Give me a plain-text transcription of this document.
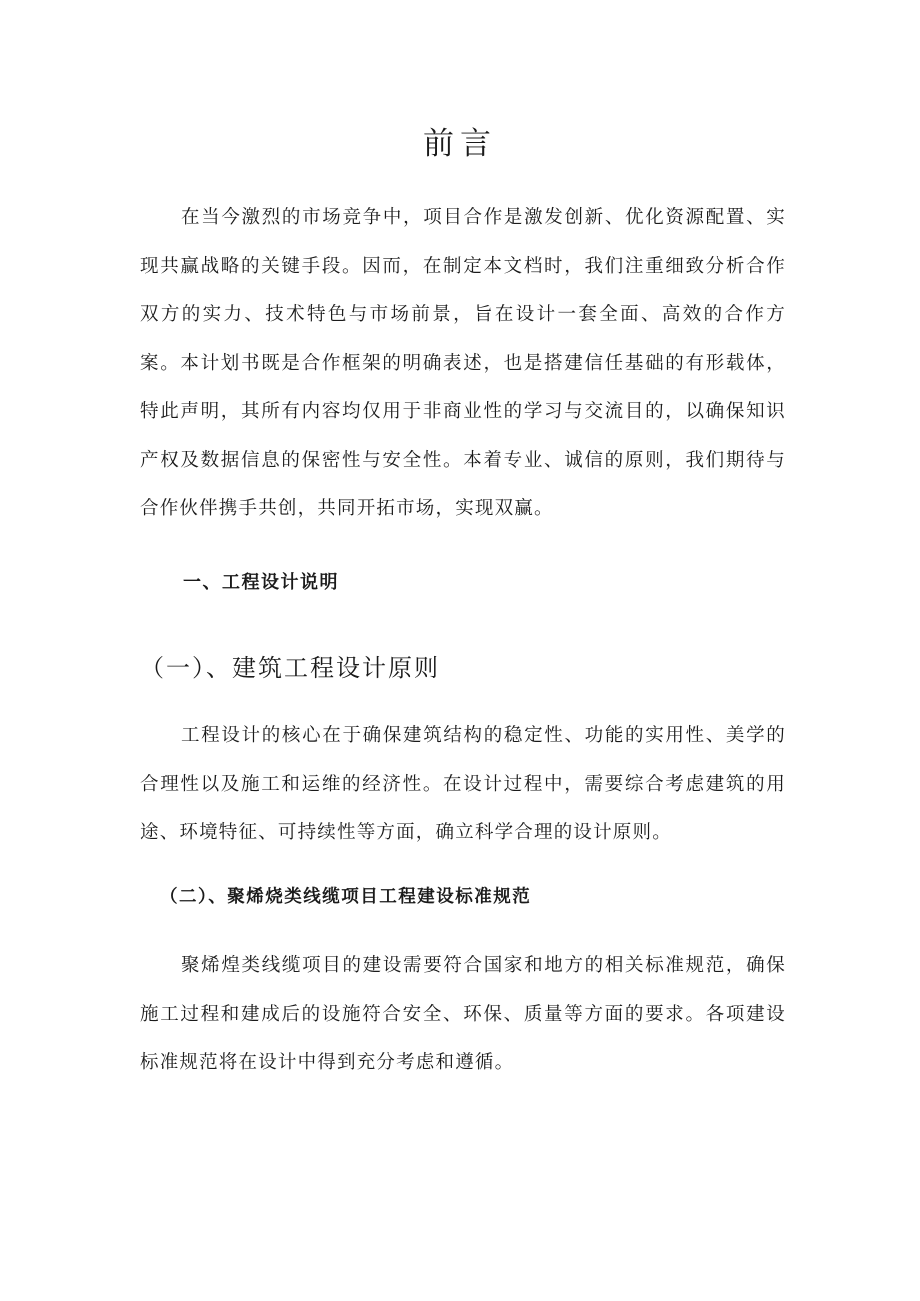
前言

在当今激烈的市场竞争中，项目合作是激发创新、优化资源配置、实现共赢战略的关键手段。因而，在制定本文档时，我们注重细致分析合作双方的实力、技术特色与市场前景，旨在设计一套全面、高效的合作方案。本计划书既是合作框架的明确表述，也是搭建信任基础的有形载体，特此声明，其所有内容均仅用于非商业性的学习与交流目的，以确保知识产权及数据信息的保密性与安全性。本着专业、诚信的原则，我们期待与合作伙伴携手共创，共同开拓市场，实现双赢。

一、工程设计说明
（一）、建筑工程设计原则

工程设计的核心在于确保建筑结构的稳定性、功能的实用性、美学的合理性以及施工和运维的经济性。在设计过程中，需要综合考虑建筑的用途、环境特征、可持续性等方面，确立科学合理的设计原则。

（二）、聚烯烧类线缆项目工程建设标准规范

聚烯煌类线缆项目的建设需要符合国家和地方的相关标准规范，确保施工过程和建成后的设施符合安全、环保、质量等方面的要求。各项建设标准规范将在设计中得到充分考虑和遵循。
